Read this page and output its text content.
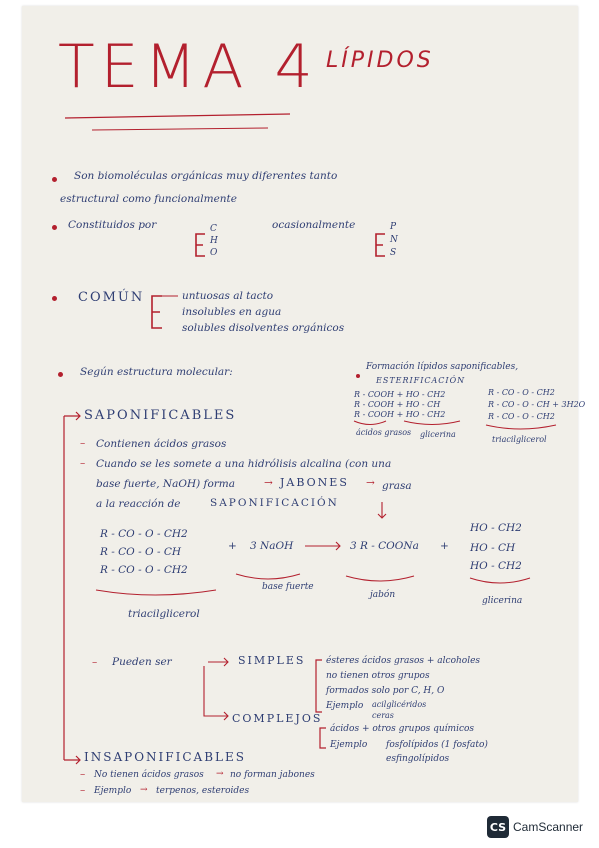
TEMA 4 LÍPIDOS
Son biomoléculas orgánicas muy diferentes tanto
estructural como funcionalmente
Constituidos por	C
H
O
ocasionalmente	P
N
S
COMÚN	untuosas al tacto
insolubles en agua
solubles disolventes orgánicos
Según estructura molecular:	Formación lípidos saponificables,
ESTERIFICACIÓN
R - COOH + HO - CH2
R - COOH + HO - CH
R - COOH + HO - CH2
R - CO - O - CH2
R - CO - O - CH + 3H2O
R - CO - O - CH2
ácidos grasos glicerina
triacilglicerol
SAPONIFICABLES
– Contienen ácidos grasos
– Cuando se les somete a una hidrólisis alcalina (con una
base fuerte, NaOH) forma	→ JABONES → grasa
a la reacción de	SAPONIFICACIÓN
R - CO - O - CH2
R - CO - O - CH
R - CO - O - CH2
+ 3 NaOH	3 R - COONa +
HO - CH2
HO - CH
HO - CH2
triacilglicerol
base fuerte
jabón
glicerina
– Pueden ser	SIMPLES ésteres ácidos grasos + alcoholes
no tienen otros grupos
formados solo por C, H, O
Ejemplo acilglicéridos
ceras
COMPLEJOS
ácidos + otros grupos químicos
Ejemplo fosfolípidos (1 fosfato)
esfingolípidos
INSAPONIFICABLES
– No tienen ácidos grasos → no forman jabones
– Ejemplo → terpenos, esteroides
CS CamScanner
